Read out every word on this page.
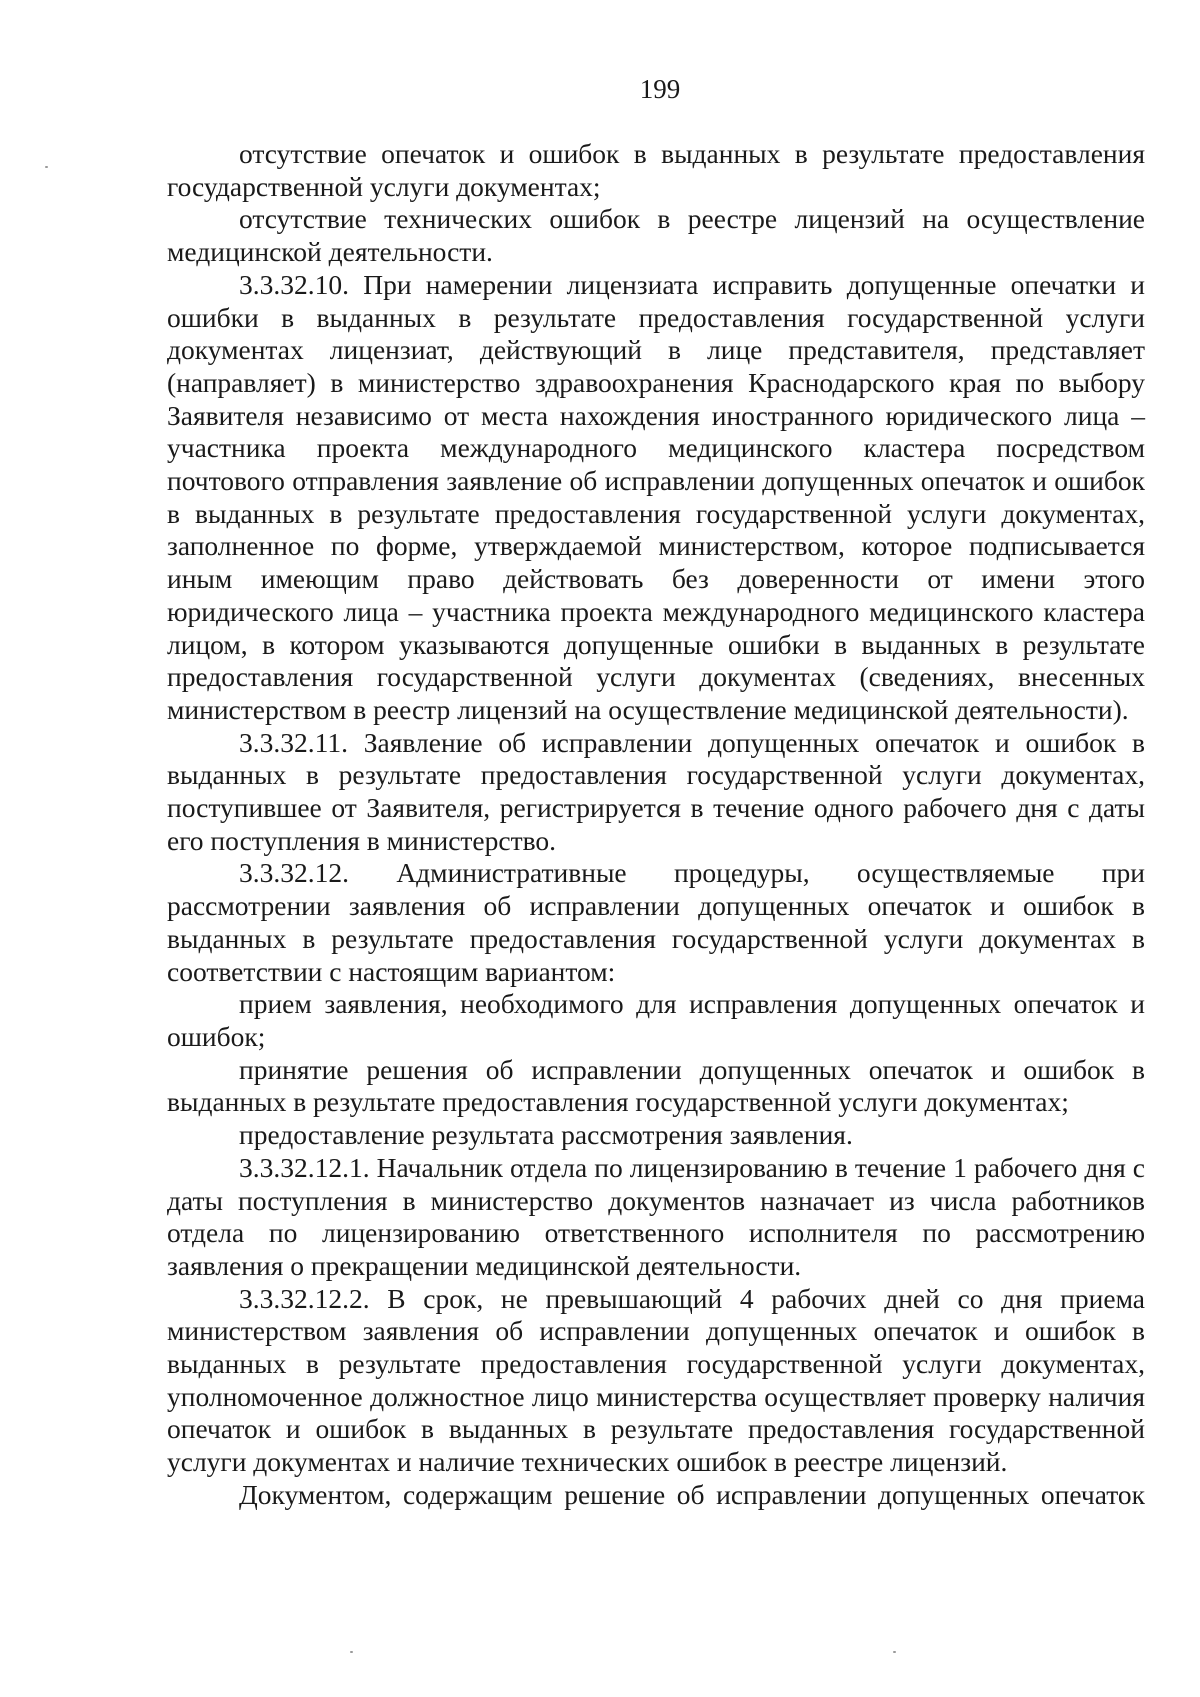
199

отсутствие опечаток и ошибок в выданных в результате предоставления государственной услуги документах;

отсутствие технических ошибок в реестре лицензий на осуществление медицинской деятельности.

3.3.32.10. При намерении лицензиата исправить допущенные опечатки и ошибки в выданных в результате предоставления государственной услуги документах лицензиат, действующий в лице представителя, представляет (направляет) в министерство здравоохранения Краснодарского края по выбору Заявителя независимо от места нахождения иностранного юридического лица – участника проекта международного медицинского кластера посредством почтового отправления заявление об исправлении допущенных опечаток и ошибок в выданных в результате предоставления государственной услуги документах, заполненное по форме, утверждаемой министерством, которое подписывается иным имеющим право действовать без доверенности от имени этого юридического лица – участника проекта международного медицинского кластера лицом, в котором указываются допущенные ошибки в выданных в результате предоставления государственной услуги документах (сведениях, внесенных министерством в реестр лицензий на осуществление медицинской деятельности).

3.3.32.11. Заявление об исправлении допущенных опечаток и ошибок в выданных в результате предоставления государственной услуги документах, поступившее от Заявителя, регистрируется в течение одного рабочего дня с даты его поступления в министерство.

3.3.32.12. Административные процедуры, осуществляемые при рассмотрении заявления об исправлении допущенных опечаток и ошибок в выданных в результате предоставления государственной услуги документах в соответствии с настоящим вариантом:

прием заявления, необходимого для исправления допущенных опечаток и ошибок;

принятие решения об исправлении допущенных опечаток и ошибок в выданных в результате предоставления государственной услуги документах;

предоставление результата рассмотрения заявления.

3.3.32.12.1. Начальник отдела по лицензированию в течение 1 рабочего дня с даты поступления в министерство документов назначает из числа работников отдела по лицензированию ответственного исполнителя по рассмотрению заявления о прекращении медицинской деятельности.

3.3.32.12.2. В срок, не превышающий 4 рабочих дней со дня приема министерством заявления об исправлении допущенных опечаток и ошибок в выданных в результате предоставления государственной услуги документах, уполномоченное должностное лицо министерства осуществляет проверку наличия опечаток и ошибок в выданных в результате предоставления государственной услуги документах и наличие технических ошибок в реестре лицензий.

Документом, содержащим решение об исправлении допущенных опечаток
